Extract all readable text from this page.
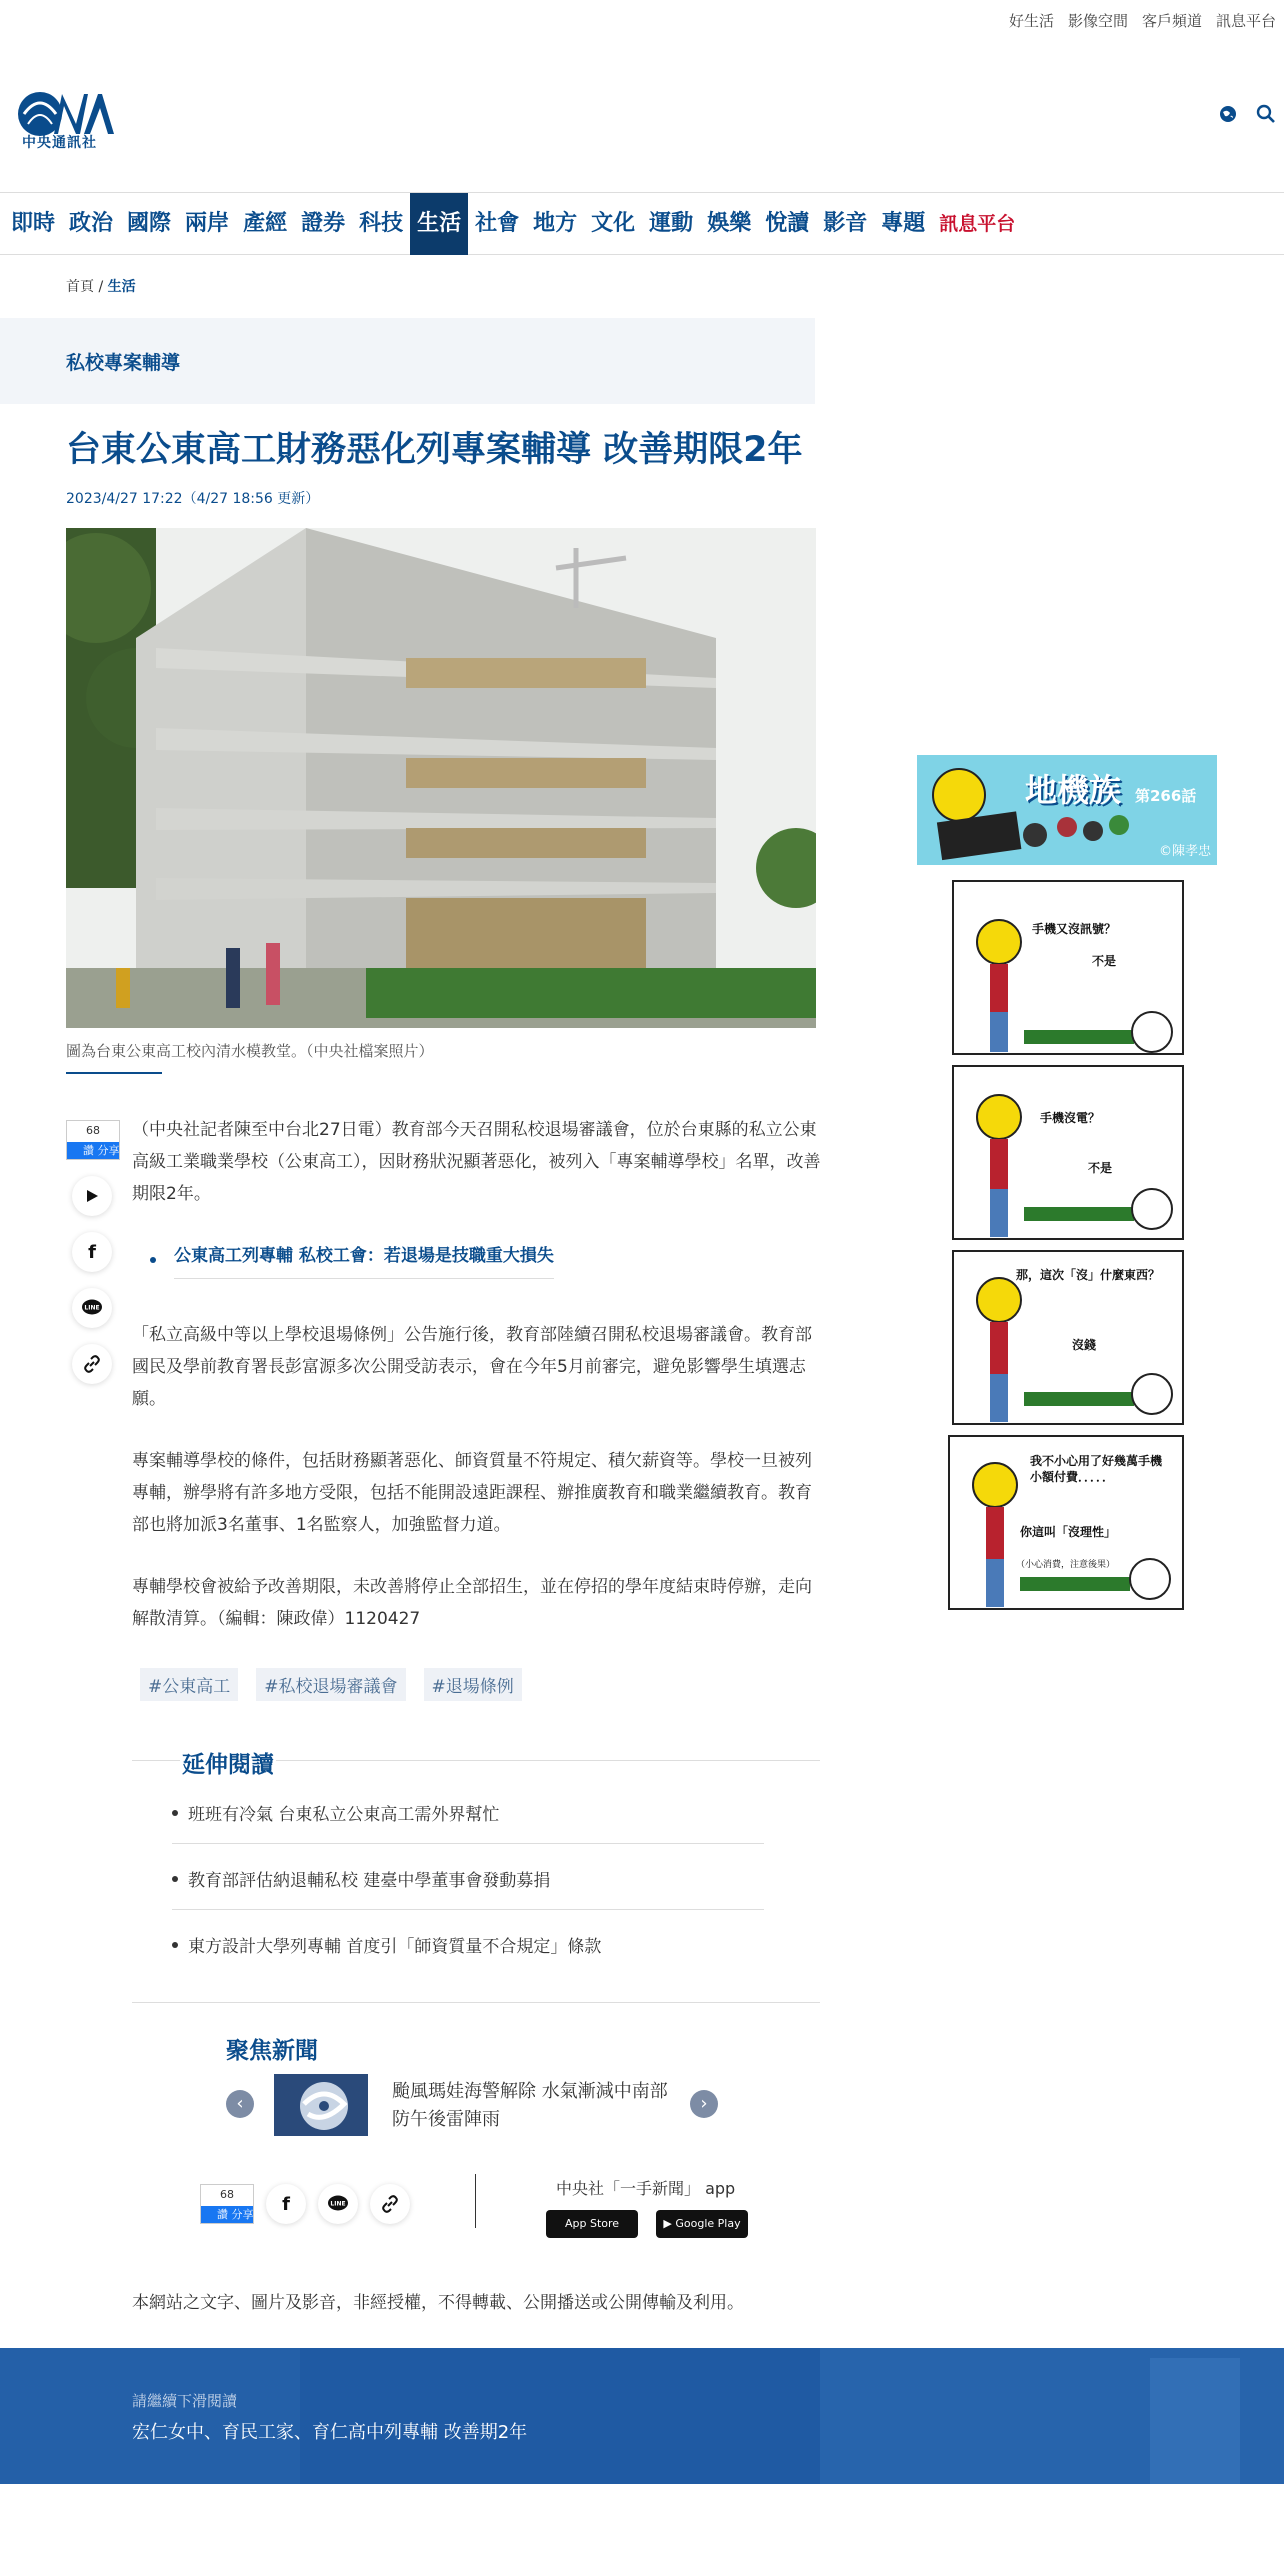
好生活 影像空間 客戶頻道 訊息平台
中央通訊社
即時 政治 國際 兩岸 產經 證券 科技 生活 社會 地方 文化 運動 娛樂 悅讀 影音 專題 訊息平台
首頁 / 生活
私校專案輔導
台東公東高工財務惡化列專案輔導 改善期限2年
2023/4/27 17:22（4/27 18:56 更新）
圖為台東公東高工校內清水模教堂。（中央社檔案照片）
68
讚 分享
f
LINE

（中央社記者陳至中台北27日電）教育部今天召開私校退場審議會，位於台東縣的私立公東高級工業職業學校（公東高工），因財務狀況顯著惡化，被列入「專案輔導學校」名單，改善期限2年。

公東高工列專輔 私校工會：若退場是技職重大損失

「私立高級中等以上學校退場條例」公告施行後，教育部陸續召開私校退場審議會。教育部國民及學前教育署長彭富源多次公開受訪表示，會在今年5月前審完，避免影響學生填選志願。

專案輔導學校的條件，包括財務顯著惡化、師資質量不符規定、積欠薪資等。學校一旦被列專輔，辦學將有許多地方受限，包括不能開設遠距課程、辦推廣教育和職業繼續教育。教育部也將加派3名董事、1名監察人，加強監督力道。

專輔學校會被給予改善期限，未改善將停止全部招生，並在停招的學年度結束時停辦，走向解散清算。（編輯：陳政偉）1120427

#公東高工	#私校退場審議會	#退場條例
延伸閱讀
班班有冷氣 台東私立公東高工需外界幫忙
教育部評估納退輔私校 建臺中學董事會發動募捐
東方設計大學列專輔 首度引「師資質量不合規定」條款
聚焦新聞
‹
颱風瑪娃海警解除 水氣漸減中南部防午後雷陣雨
›
68
讚 分享 f	LINE
中央社「一手新聞」 app
App Store	▶ Google Play
本網站之文字、圖片及影音，非經授權，不得轉載、公開播送或公開傳輸及利用。
請繼續下滑閱讀
宏仁女中、育民工家、育仁高中列專輔 改善期2年
地機族 第266話
©陳孝忠
手機又沒訊號？
不是
手機沒電？
不是
那，這次「沒」什麼東西？
沒錢
我不小心用了好幾萬手機小額付費．．．．．
你這叫「沒理性」
（小心消費，注意後果）
